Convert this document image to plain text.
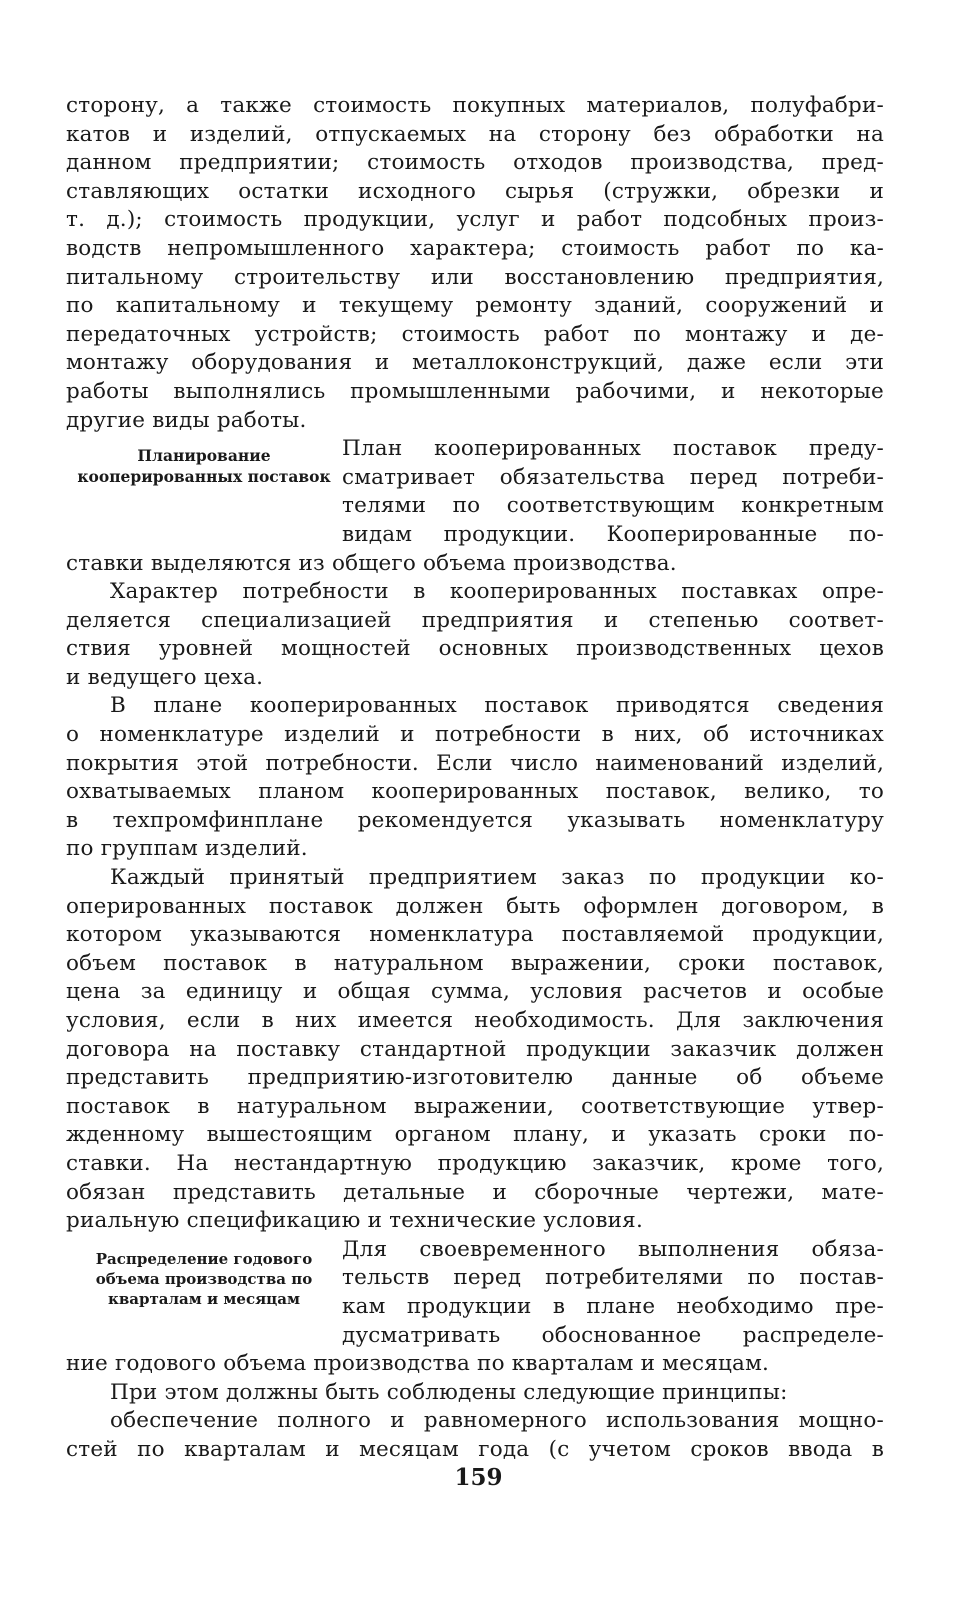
сторону, а также стоимость покупных материалов, полуфабри-
катов и изделий, отпускаемых на сторону без обработки на
данном предприятии; стоимость отходов производства, пред-
ставляющих остатки исходного сырья (стружки, обрезки и
т. д.); стоимость продукции, услуг и работ подсобных произ-
водств непромышленного характера; стоимость работ по ка-
питальному строительству или восстановлению предприятия,
по капитальному и текущему ремонту зданий, сооружений и
передаточных устройств; стоимость работ по монтажу и де-
монтажу оборудования и металлоконструкций, даже если эти
работы выполнялись промышленными рабочими, и некоторые
другие виды работы.
Планирование кооперированных поставок
План кооперированных поставок преду-
сматривает обязательства перед потреби-
телями по соответствующим конкретным
видам продукции. Кооперированные по-
ставки выделяются из общего объема производства.
Характер потребности в кооперированных поставках опре-
деляется специализацией предприятия и степенью соответ-
ствия уровней мощностей основных производственных цехов
и ведущего цеха.
В плане кооперированных поставок приводятся сведения
о номенклатуре изделий и потребности в них, об источниках
покрытия этой потребности. Если число наименований изделий,
охватываемых планом кооперированных поставок, велико, то
в техпромфинплане рекомендуется указывать номенклатуру
по группам изделий.
Каждый принятый предприятием заказ по продукции ко-
оперированных поставок должен быть оформлен договором, в
котором указываются номенклатура поставляемой продукции,
объем поставок в натуральном выражении, сроки поставок,
цена за единицу и общая сумма, условия расчетов и особые
условия, если в них имеется необходимость. Для заключения
договора на поставку стандартной продукции заказчик должен
представить предприятию-изготовителю данные об объеме
поставок в натуральном выражении, соответствующие утвер-
жденному вышестоящим органом плану, и указать сроки по-
ставки. На нестандартную продукцию заказчик, кроме того,
обязан представить детальные и сборочные чертежи, мате-
риальную спецификацию и технические условия.
Распределение годового объема производства по кварталам и месяцам
Для своевременного выполнения обяза-
тельств перед потребителями по постав-
кам продукции в плане необходимо пре-
дусматривать обоснованное распределе-
ние годового объема производства по кварталам и месяцам.
При этом должны быть соблюдены следующие принципы:
обеспечение полного и равномерного использования мощно-
стей по кварталам и месяцам года (с учетом сроков ввода в
159
